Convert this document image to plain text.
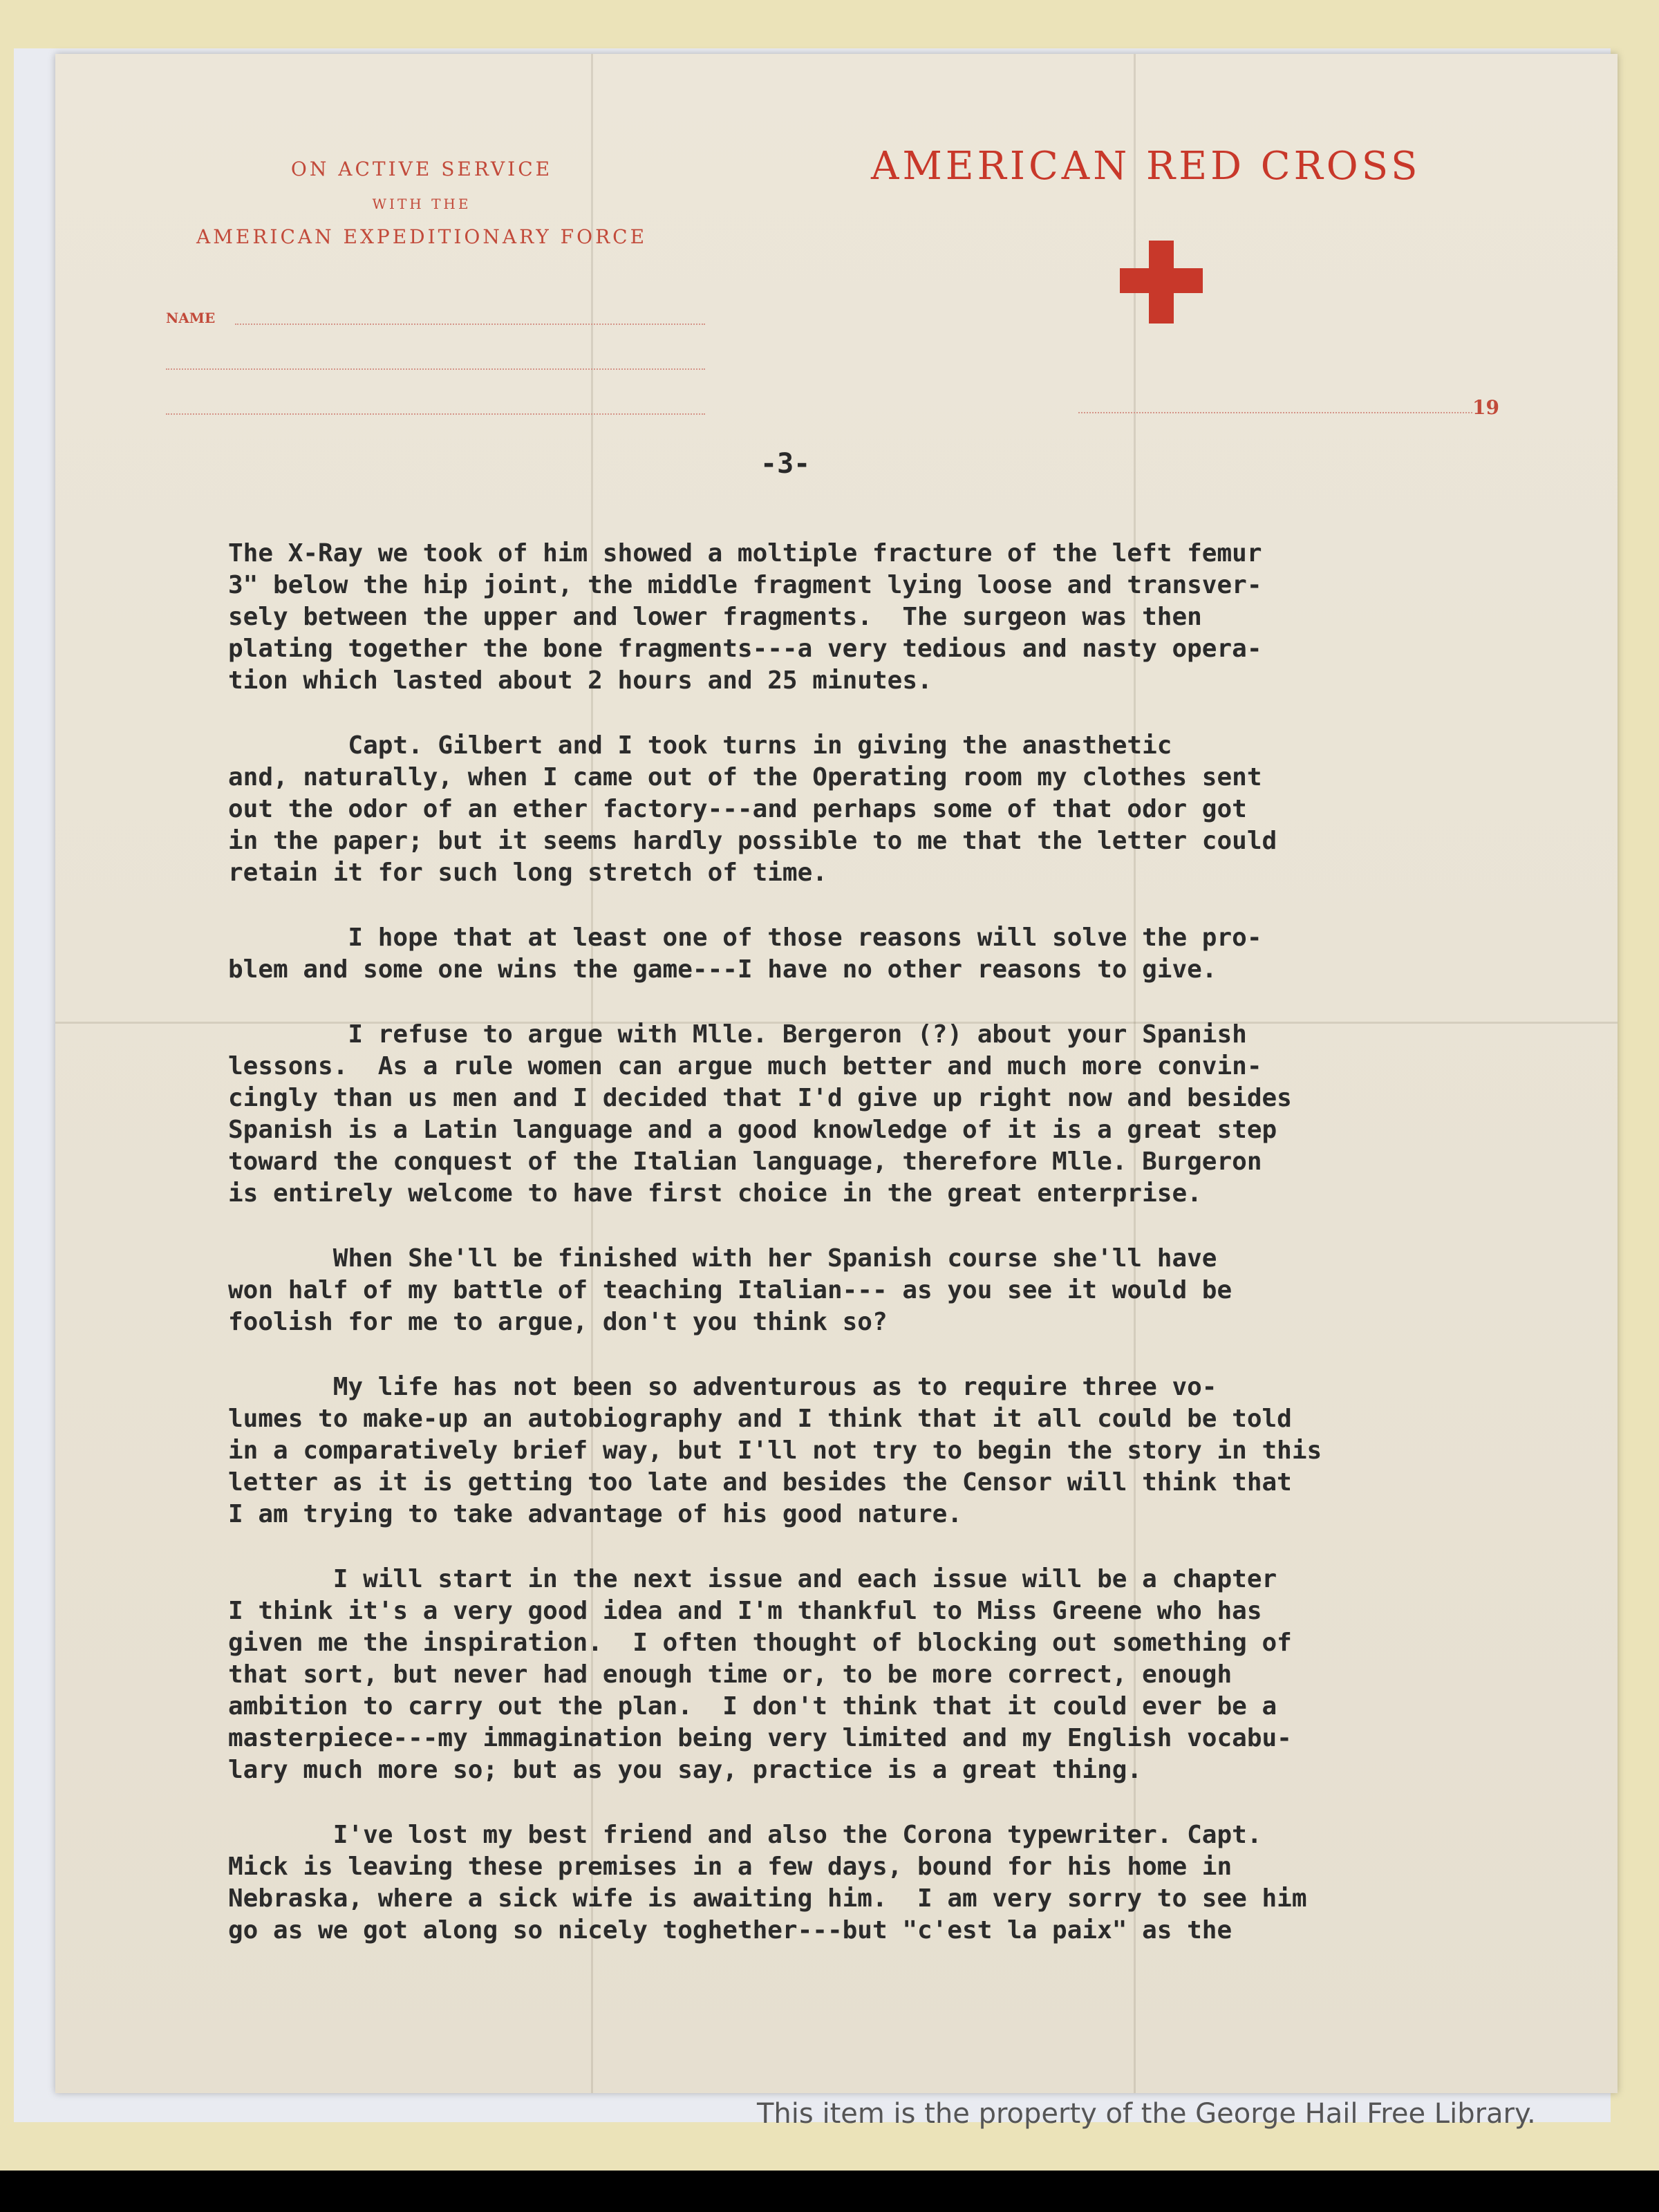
ON ACTIVE SERVICE
WITH THE
AMERICAN EXPEDITIONARY FORCE
NAME
AMERICAN RED CROSS
19
-3-
The X-Ray we took of him showed a moltiple fracture of the left femur
3" below the hip joint, the middle fragment lying loose and transver-
sely between the upper and lower fragments.  The surgeon was then
plating together the bone fragments---a very tedious and nasty opera-
tion which lasted about 2 hours and 25 minutes.
Capt. Gilbert and I took turns in giving the anasthetic
and, naturally, when I came out of the Operating room my clothes sent
out the odor of an ether factory---and perhaps some of that odor got
in the paper; but it seems hardly possible to me that the letter could
retain it for such long stretch of time.
I hope that at least one of those reasons will solve the pro-
blem and some one wins the game---I have no other reasons to give.
I refuse to argue with Mlle. Bergeron (?) about your Spanish
lessons.  As a rule women can argue much better and much more convin-
cingly than us men and I decided that I'd give up right now and besides
Spanish is a Latin language and a good knowledge of it is a great step
toward the conquest of the Italian language, therefore Mlle. Burgeron
is entirely welcome to have first choice in the great enterprise.
When She'll be finished with her Spanish course she'll have
won half of my battle of teaching Italian--- as you see it would be
foolish for me to argue, don't you think so?
My life has not been so adventurous as to require three vo-
lumes to make-up an autobiography and I think that it all could be told
in a comparatively brief way, but I'll not try to begin the story in this
letter as it is getting too late and besides the Censor will think that
I am trying to take advantage of his good nature.
I will start in the next issue and each issue will be a chapter
I think it's a very good idea and I'm thankful to Miss Greene who has
given me the inspiration.  I often thought of blocking out something of
that sort, but never had enough time or, to be more correct, enough
ambition to carry out the plan.  I don't think that it could ever be a
masterpiece---my immagination being very limited and my English vocabu-
lary much more so; but as you say, practice is a great thing.
I've lost my best friend and also the Corona typewriter. Capt.
Mick is leaving these premises in a few days, bound for his home in
Nebraska, where a sick wife is awaiting him.  I am very sorry to see him
go as we got along so nicely toghether---but "c'est la paix" as the
This item is the property of the George Hail Free Library.
